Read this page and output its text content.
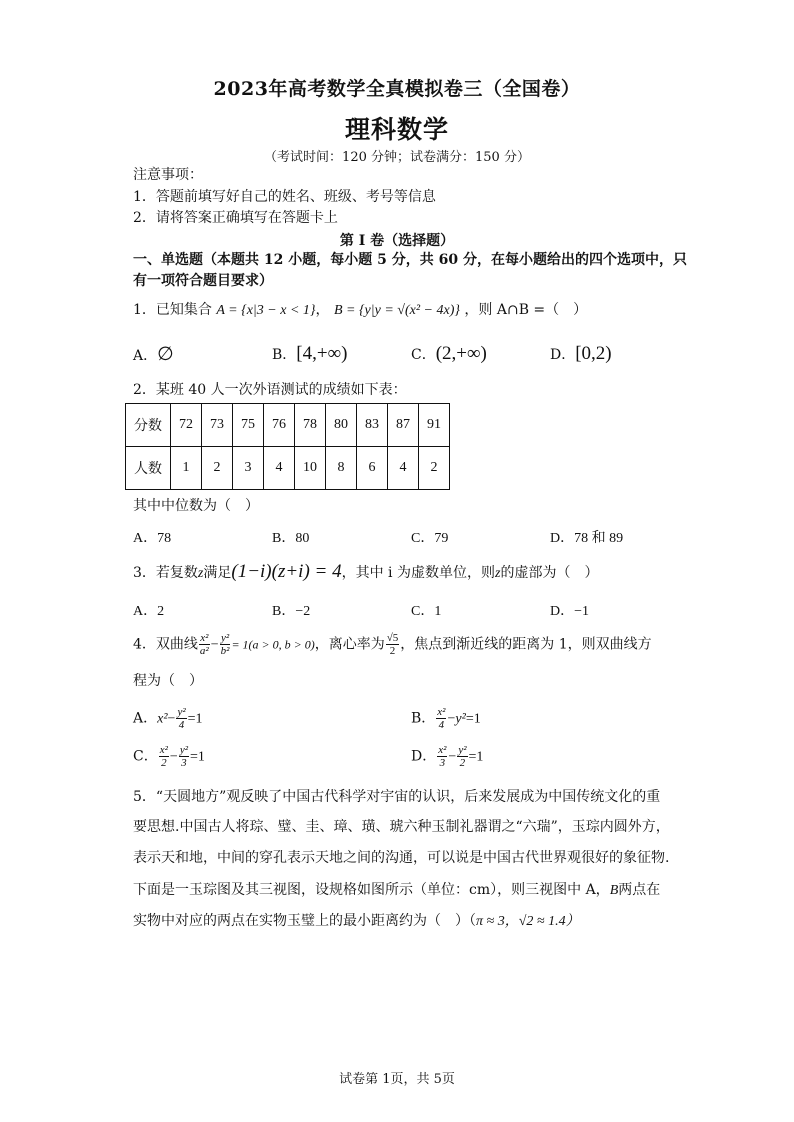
2023年高考数学全真模拟卷三（全国卷）
理科数学
（考试时间：120 分钟；试卷满分：150 分）
注意事项：
1．答题前填写好自己的姓名、班级、考号等信息
2．请将答案正确填写在答题卡上
第 I 卷（选择题）
一、单选题（本题共 12 小题，每小题 5 分，共 60 分，在每小题给出的四个选项中，只
有一项符合题目要求）
1．已知集合 A = {x|3 − x < 1}， B = {y|y = √(x² − 4x)} ，则 A∩B =（　）
A．∅	B．[4,+∞)	C．(2,+∞)	D．[0,2)
2．某班 40 人一次外语测试的成绩如下表：
分数	72	73	75	76	78	80	83	87	91
人数	1	2	3	4	10	8	6	4	2
其中中位数为（　）
A．78	B．80	C．79	D．78 和 89
3．若复数z满足(1−i)(z+i) = 4，其中 i 为虚数单位，则z的虚部为（　）
A．2	B．−2	C．1	D．−1
4．双曲线 $\frac{\text{x²}}{\text{a²}} - \frac{\text{y²}}{\text{b²}} = 1(a > 0$, b > 0)，离心率为 $\frac{√5}{2}$ ，焦点到渐近线的距离为 1，则双曲线方
程为（　）
A．$x^2- \frac{\text{y²}}{4} =1$	B． $\frac{\text{x²}}{4} -y^2=1$
C． $\frac{\text{x²}}{2} - \frac{\text{y²}}{3} =1$	D． $\frac{\text{x²}}{3} - \frac{\text{y²}}{2} =1$
5．“天圆地方”观反映了中国古代科学对宇宙的认识，后来发展成为中国传统文化的重
要思想.中国古人将琮、璧、圭、璋、璜、琥六种玉制礼器谓之“六瑞”，玉琮内圆外方，
表示天和地，中间的穿孔表示天地之间的沟通，可以说是中国古代世界观很好的象征物.
下面是一玉琮图及其三视图，设规格如图所示（单位：cm），则三视图中 A，B两点在
实物中对应的两点在实物玉璧上的最小距离约为（　）（π ≈ 3，√2 ≈ 1.4）
试卷第 1页，共 5页
